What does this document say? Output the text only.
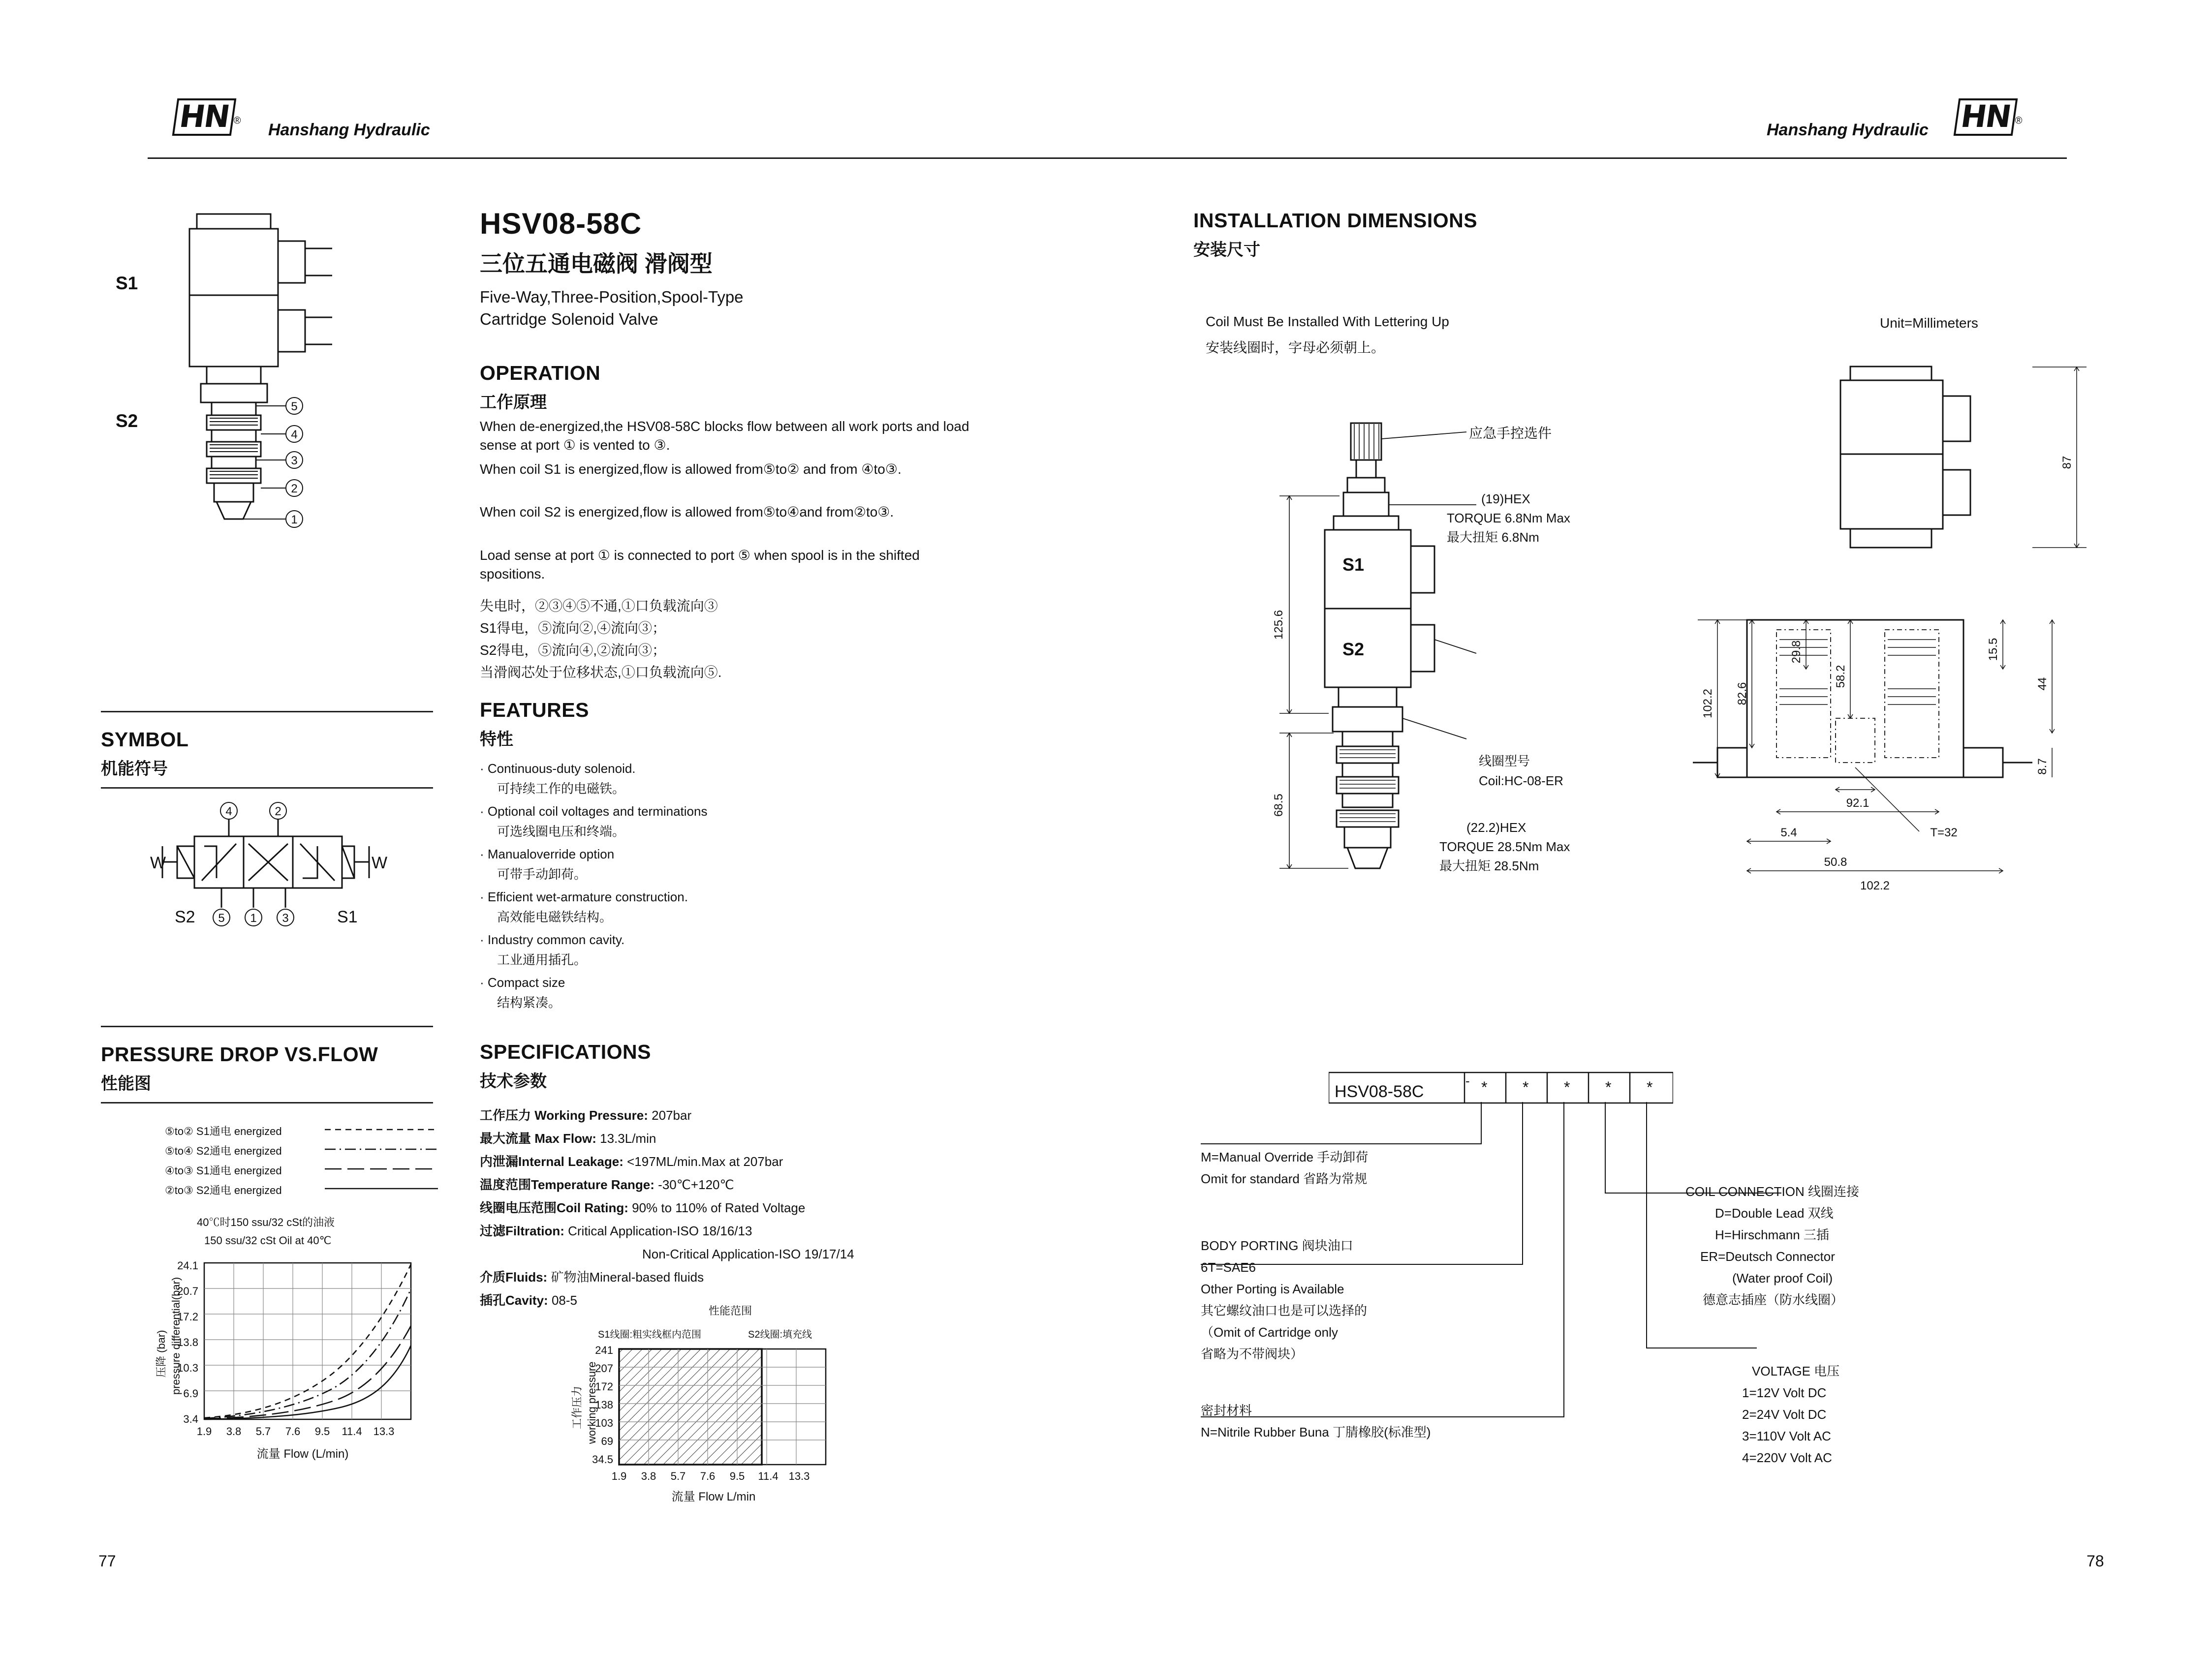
HN ® Hanshang Hydraulic	HN ®
Hanshang Hydraulic
5
4
3
2
1
S1
S2
SYMBOL
机能符号
4	2
5 1 3
W	W
S2	S1
PRESSURE DROP VS.FLOW
性能图
⑤to② S1通电 energized
⑤to④ S2通电 energized
④to③ S1通电 energized
②to③ S2通电 energized
40℃时150 ssu/32 cSt的油液
150 ssu/32 cSt Oil at 40℃
24.1
20.7
17.2
13.8
10.3
6.9
3.4
1.9 3.8 5.7 7.6 9.5 11.4 13.3
流量 Flow (L/min)
压降 (bar) pressure differential(bar)
HSV08-58C
三位五通电磁阀 滑阀型
Five-Way,Three-Position,Spool-Type
Cartridge Solenoid Valve
OPERATION
工作原理
When de-energized,the HSV08-58C blocks flow between all work ports and load sense at port ① is vented to ③.
When coil S1 is energized,flow is allowed from⑤to② and from ④to③.
When coil S2 is energized,flow is allowed from⑤to④and from②to③.
Load sense at port ① is connected to port ⑤ when spool is in the shifted spositions.
失电时，②③④⑤不通,①口负载流向③
S1得电，⑤流向②,④流向③；
S2得电，⑤流向④,②流向③；
当滑阀芯处于位移状态,①口负载流向⑤.
FEATURES
特性
· Continuous-duty solenoid.
可持续工作的电磁铁。
· Optional coil voltages and terminations
可选线圈电压和终端。
· Manualoverride option
可带手动卸荷。
· Efficient wet-armature construction.
高效能电磁铁结构。
· Industry common cavity.
工业通用插孔。
· Compact size
结构紧凑。
SPECIFICATIONS
技术参数
工作压力 Working Pressure: 207bar
最大流量 Max Flow: 13.3L/min
内泄漏Internal Leakage: <197ML/min.Max at 207bar
温度范围Temperature Range: -30℃+120℃
线圈电压范围Coil Rating: 90% to 110% of Rated Voltage
过滤Filtration: Critical Application-ISO 18/16/13
Non-Critical Application-ISO 19/17/14
介质Fluids: 矿物油Mineral-based fluids
插孔Cavity: 08-5
性能范围
S1线圈:粗实线框内范围	S2线圈:填充线
241
207
172
138
103
69
34.5
1.9 3.8 5.7 7.6 9.5 11.4 13.3
流量 Flow L/min
工作压力 working pressure
INSTALLATION DIMENSIONS
安装尺寸
Coil Must Be Installed With Lettering Up
安装线圈时，字母必须朝上。
Unit=Millimeters
125.6
68.5
S1
S2
应急手控选件
(19)HEX
TORQUE 6.8Nm Max
最大扭矩 6.8Nm
线圈型号
Coil:HC-08-ER
(22.2)HEX
TORQUE 28.5Nm Max
最大扭矩 28.5Nm
87
102.2 82.6
29.8
58.2
15.5
44
8.7
92.1
5.4
50.8
102.2
T=32
HSV08-58C
- * * * * *
M=Manual Override 手动卸荷
Omit for standard 省路为常规
BODY PORTING 阀块油口
6T=SAE6
Other Porting is Available
其它螺纹油口也是可以选择的
（Omit of Cartridge only
省略为不带阀块）
密封材料
N=Nitrile Rubber Buna 丁腈橡胶(标准型)
COIL CONNECTION 线圈连接
D=Double Lead 双线
H=Hirschmann 三插
ER=Deutsch Connector
(Water proof Coil)
德意志插座（防水线圈）
VOLTAGE 电压
1=12V Volt DC
2=24V Volt DC
3=110V Volt AC
4=220V Volt AC
77	78
